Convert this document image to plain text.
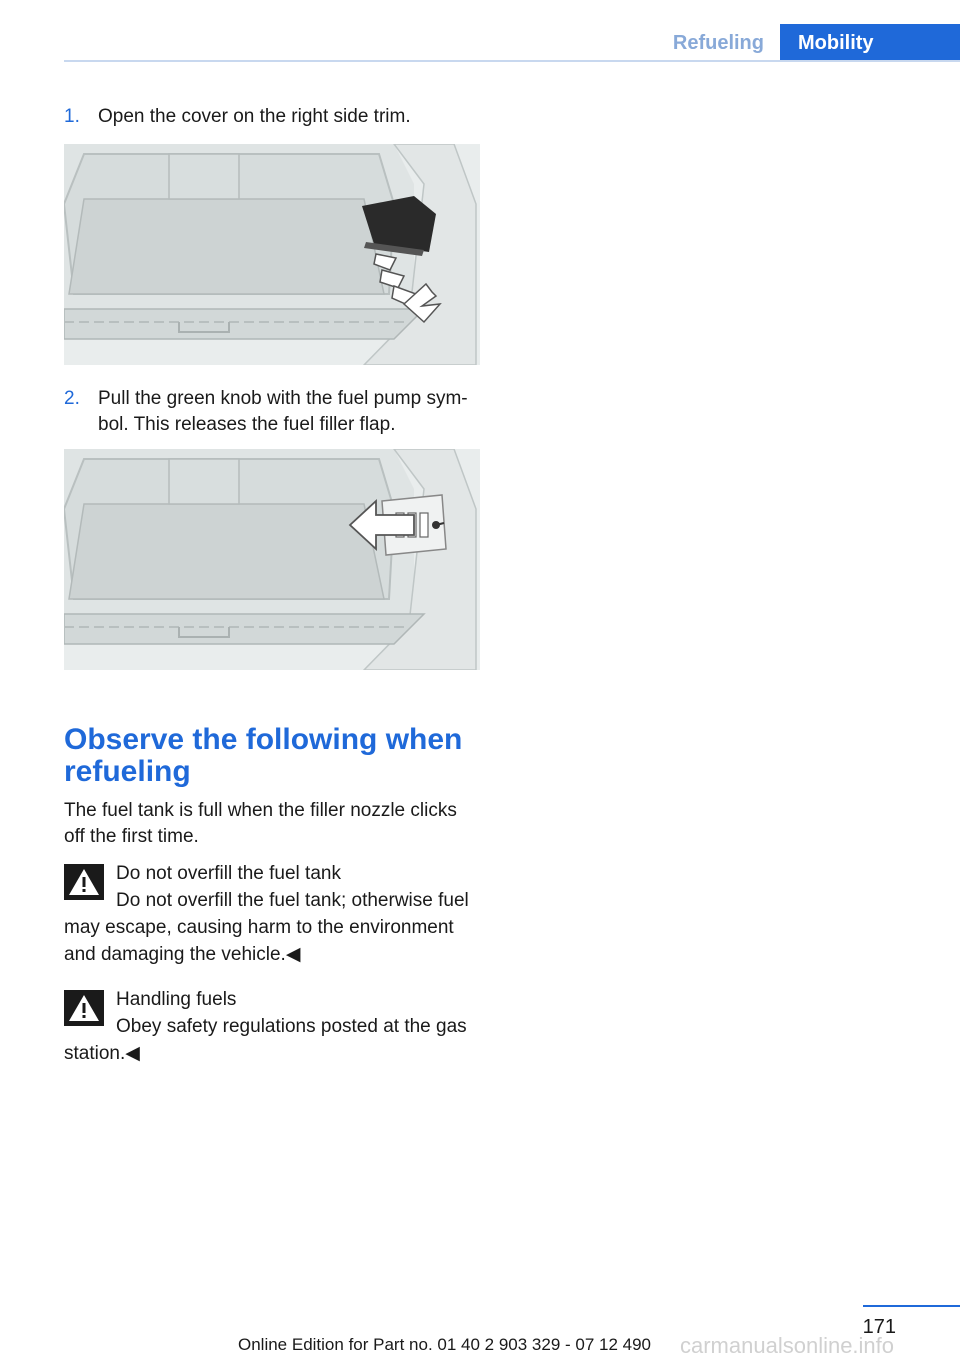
Refueling	Mobility
1. Open the cover on the right side trim.
2. Pull the green knob with the fuel pump sym‐bol. This releases the fuel filler flap.
Observe the following when refueling

The fuel tank is full when the filler nozzle clicks off the first time.

Do not overfill the fuel tank
Do not overfill the fuel tank; otherwise fuel may escape, causing harm to the environment and damaging the vehicle.◀
Handling fuels
Obey safety regulations posted at the gas station.◀
171
Online Edition for Part no. 01 40 2 903 329 - 07 12 490 carmanualsonline.info
